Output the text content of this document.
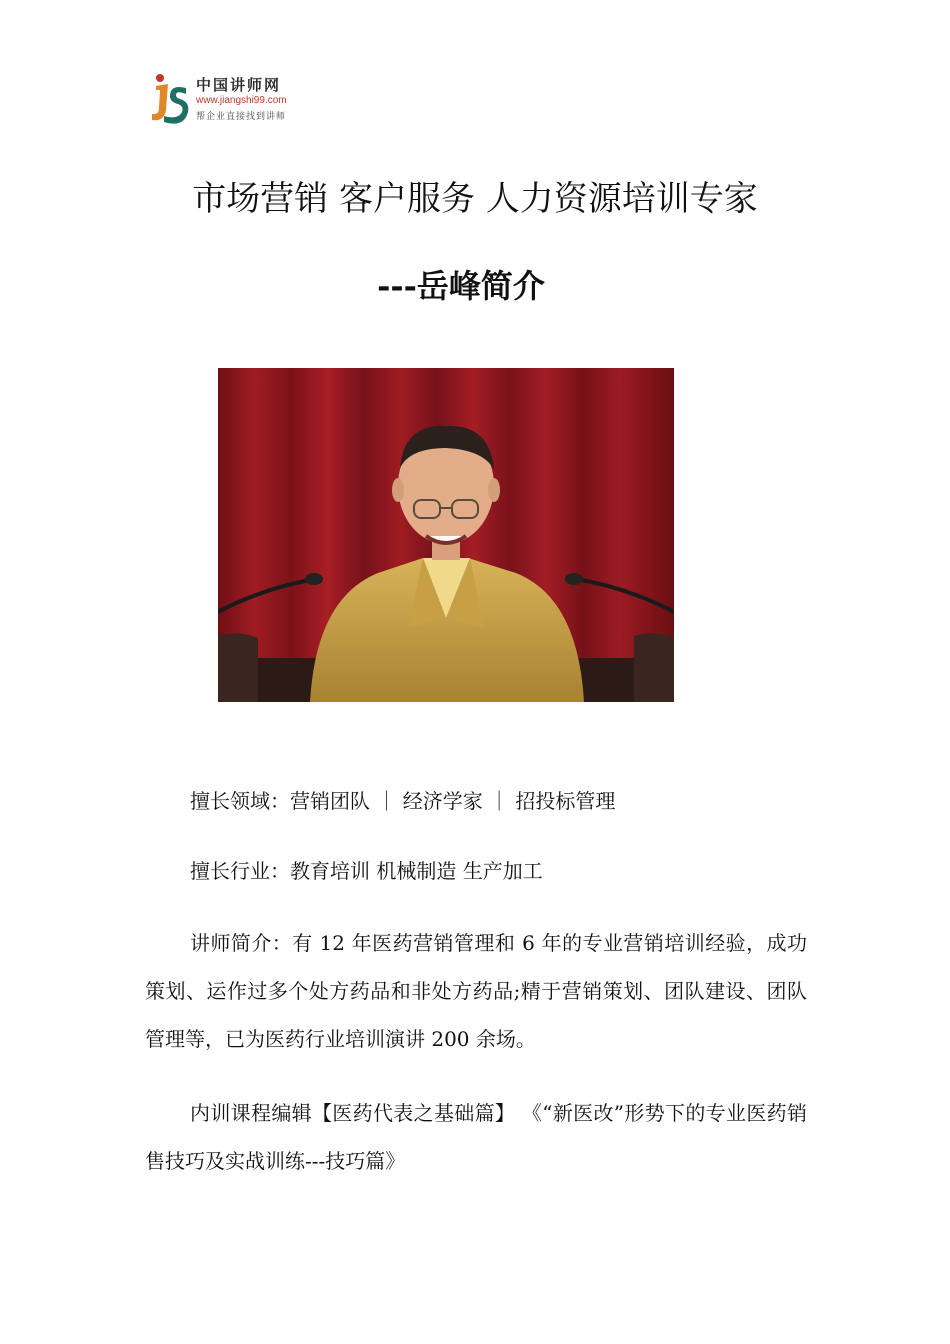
中国讲师网
www.jiangshi99.com
帮企业直接找到讲师
市场营销 客户服务 人力资源培训专家
---岳峰简介

擅长领域：营销团队 ｜ 经济学家 ｜ 招投标管理

擅长行业：教育培训 机械制造 生产加工

讲师简介：有 12 年医药营销管理和 6 年的专业营销培训经验，成功策划、运作过多个处方药品和非处方药品;精于营销策划、团队建设、团队管理等，已为医药行业培训演讲 200 余场。

内训课程编辑【医药代表之基础篇】 《“新医改”形势下的专业医药销售技巧及实战训练---技巧篇》
